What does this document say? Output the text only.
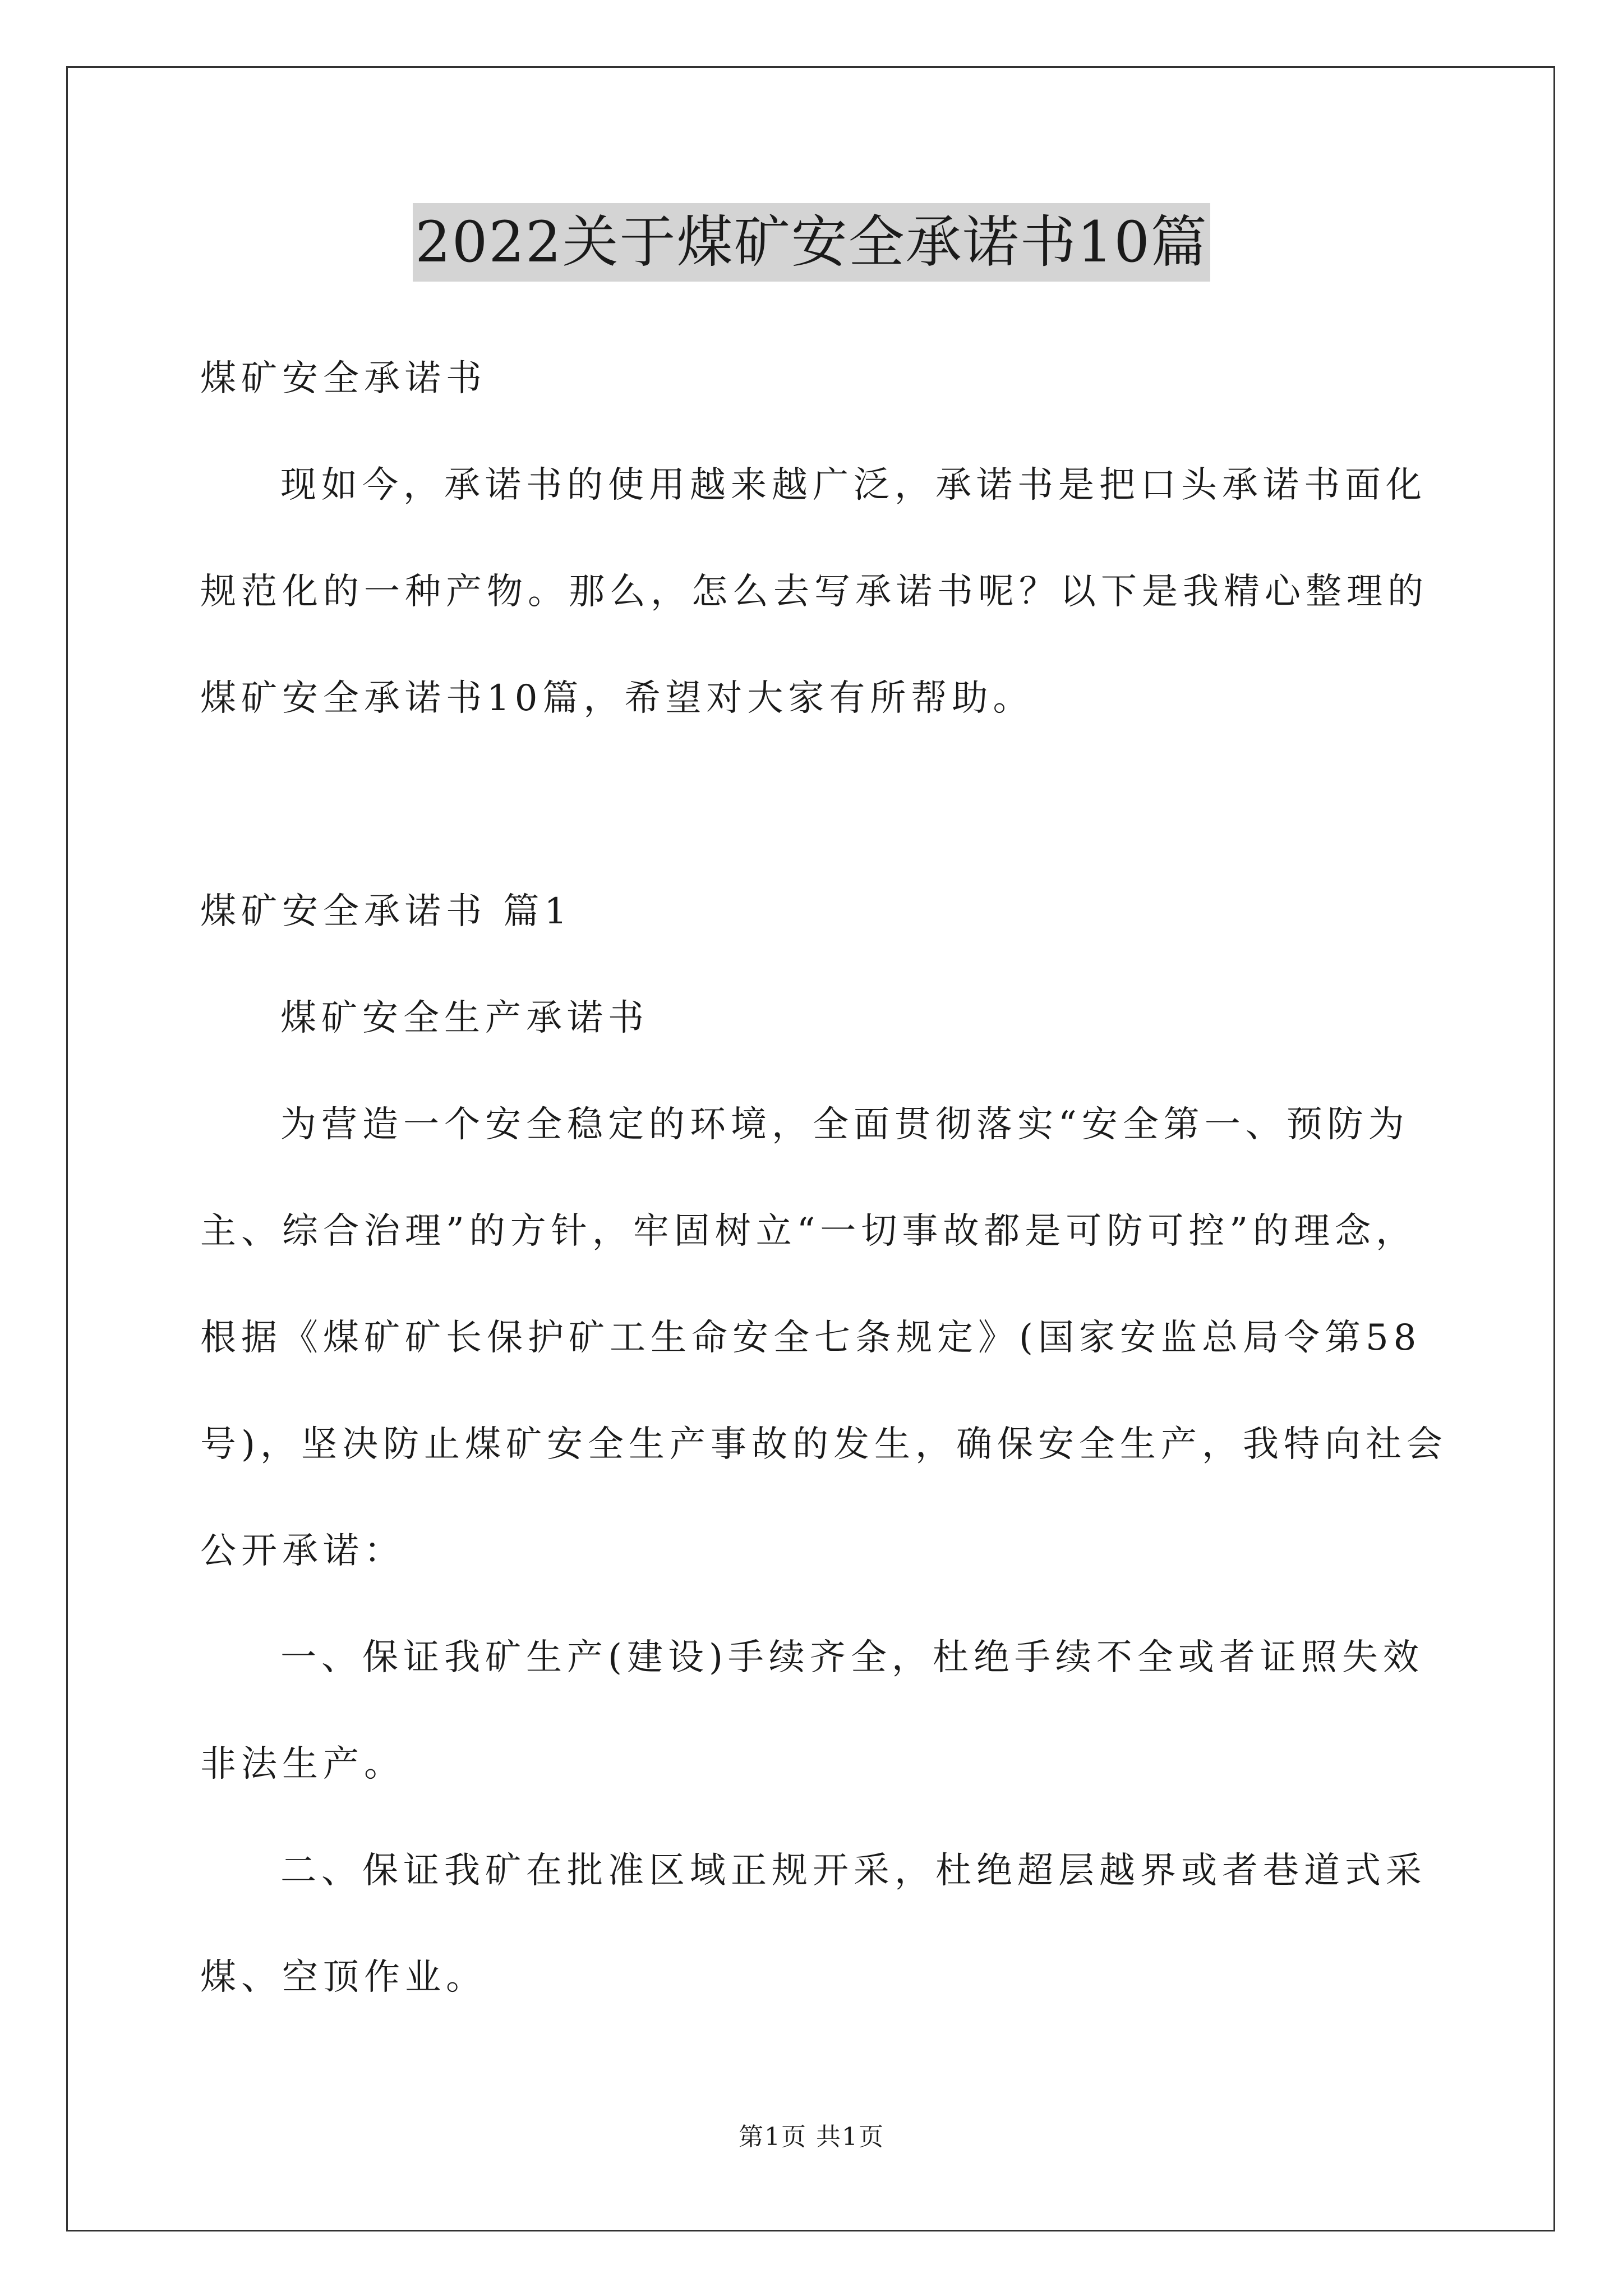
2022关于煤矿安全承诺书10篇
煤矿安全承诺书
现如今，承诺书的使用越来越广泛，承诺书是把口头承诺书面化
规范化的一种产物。那么，怎么去写承诺书呢？以下是我精心整理的
煤矿安全承诺书10篇，希望对大家有所帮助。
煤矿安全承诺书 篇1
煤矿安全生产承诺书
为营造一个安全稳定的环境，全面贯彻落实“安全第一、预防为
主、综合治理”的方针，牢固树立“一切事故都是可防可控”的理念，
根据《煤矿矿长保护矿工生命安全七条规定》(国家安监总局令第58
号)，坚决防止煤矿安全生产事故的发生，确保安全生产，我特向社会
公开承诺：
一、保证我矿生产(建设)手续齐全，杜绝手续不全或者证照失效
非法生产。
二、保证我矿在批准区域正规开采，杜绝超层越界或者巷道式采
煤、空顶作业。
第1页 共1页
